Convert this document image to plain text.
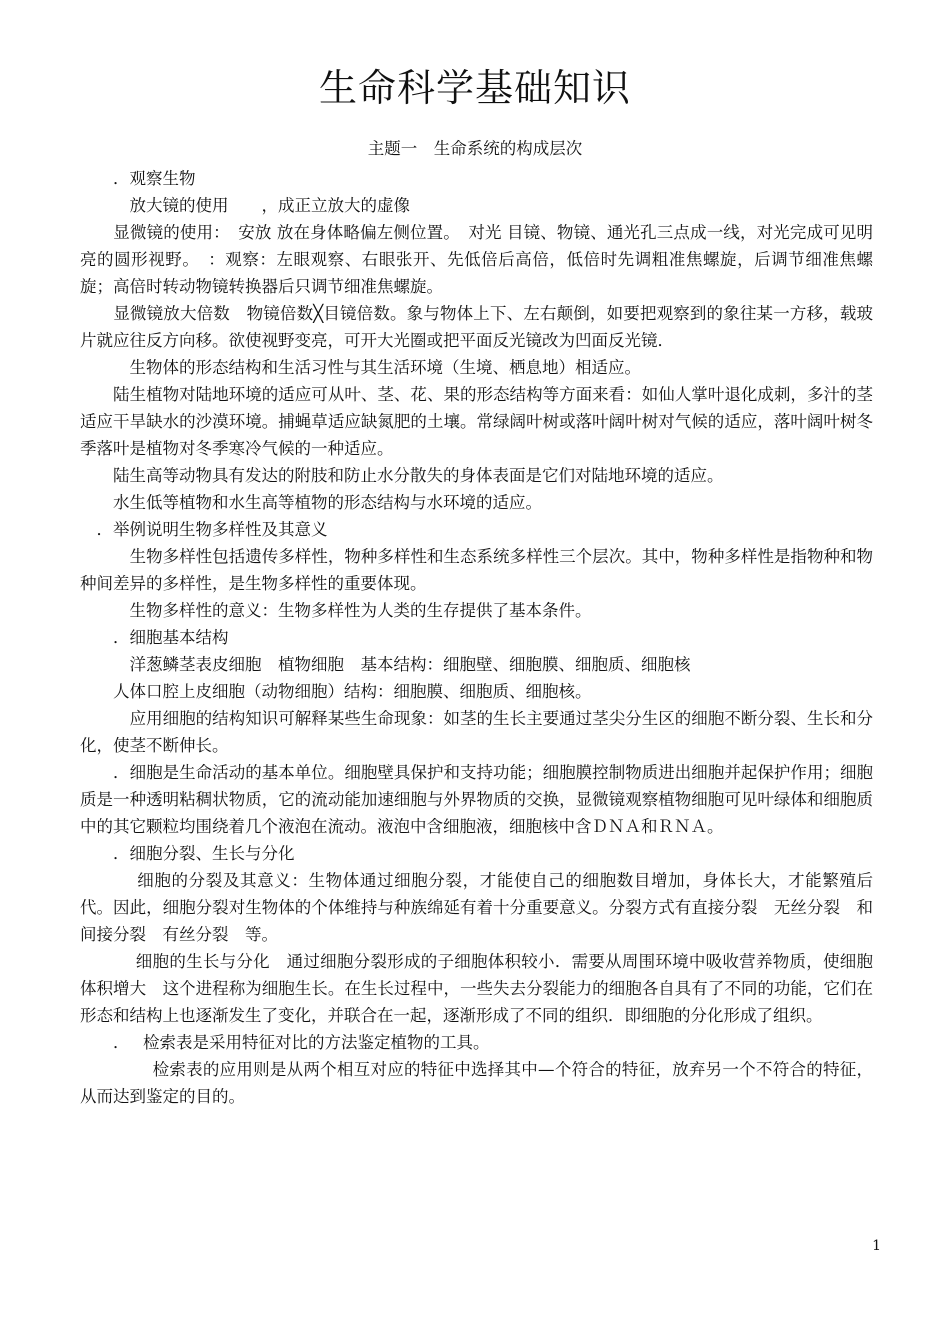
生命科学基础知识
主题一　生命系统的构成层次

　　．观察生物

　　　放大镜的使用　　，成正立放大的虚像

　　显微镜的使用：　安放 放在身体略偏左侧位置。　对光 目镜、物镜、通光孔三点成一线，对光完成可见明亮的圆形视野。　：观察：左眼观察、右眼张开、先低倍后高倍，低倍时先调粗准焦螺旋，后调节细准焦螺旋；高倍时转动物镜转换器后只调节细准焦螺旋。

　　显微镜放大倍数　物镜倍数╳目镜倍数。象与物体上下、左右颠倒，如要把观察到的象往某一方移，载玻片就应往反方向移。欲使视野变亮，可开大光圈或把平面反光镜改为凹面反光镜．

　　　生物体的形态结构和生活习性与其生活环境（生境、栖息地）相适应。

　　陆生植物对陆地环境的适应可从叶、茎、花、果的形态结构等方面来看：如仙人掌叶退化成刺，多汁的茎适应干旱缺水的沙漠环境。捕蝇草适应缺氮肥的土壤。常绿阔叶树或落叶阔叶树对气候的适应，落叶阔叶树冬季落叶是植物对冬季寒冷气候的一种适应。

　　陆生高等动物具有发达的附肢和防止水分散失的身体表面是它们对陆地环境的适应。

　　水生低等植物和水生高等植物的形态结构与水环境的适应。

　．举例说明生物多样性及其意义

　　　生物多样性包括遗传多样性，物种多样性和生态系统多样性三个层次。其中，物种多样性是指物种和物种间差异的多样性，是生物多样性的重要体现。

　　　生物多样性的意义：生物多样性为人类的生存提供了基本条件。

　　．细胞基本结构

　　　洋葱鳞茎表皮细胞　植物细胞　基本结构：细胞壁、细胞膜、细胞质、细胞核

　　人体口腔上皮细胞（动物细胞）结构：细胞膜、细胞质、细胞核。

　　　应用细胞的结构知识可解释某些生命现象：如茎的生长主要通过茎尖分生区的细胞不断分裂、生长和分化，使茎不断伸长。

　　．细胞是生命活动的基本单位。细胞壁具保护和支持功能；细胞膜控制物质进出细胞并起保护作用；细胞质是一种透明粘稠状物质，它的流动能加速细胞与外界物质的交换，显微镜观察植物细胞可见叶绿体和细胞质中的其它颗粒均围绕着几个液泡在流动。液泡中含细胞液，细胞核中含ＤＮＡ和ＲＮＡ。

　　．细胞分裂、生长与分化

　　　 细胞的分裂及其意义：生物体通过细胞分裂，才能使自己的细胞数目增加，身体长大，才能繁殖后代。因此，细胞分裂对生物体的个体维持与种族绵延有着十分重要意义。分裂方式有直接分裂　无丝分裂　和间接分裂　有丝分裂　等。

　　　 细胞的生长与分化　通过细胞分裂形成的子细胞体积较小．需要从周围环境中吸收营养物质，使细胞体积增大　这个进程称为细胞生长。在生长过程中，一些失去分裂能力的细胞各自具有了不同的功能，它们在形态和结构上也逐渐发生了变化，并联合在一起，逐渐形成了不同的组织．即细胞的分化形成了组织。

　　．　 检索表是采用特征对比的方法鉴定植物的工具。

　　　　 检索表的应用则是从两个相互对应的特征中选择其中—个符合的特征，放弃另一个不符合的特征，从而达到鉴定的目的。

1
